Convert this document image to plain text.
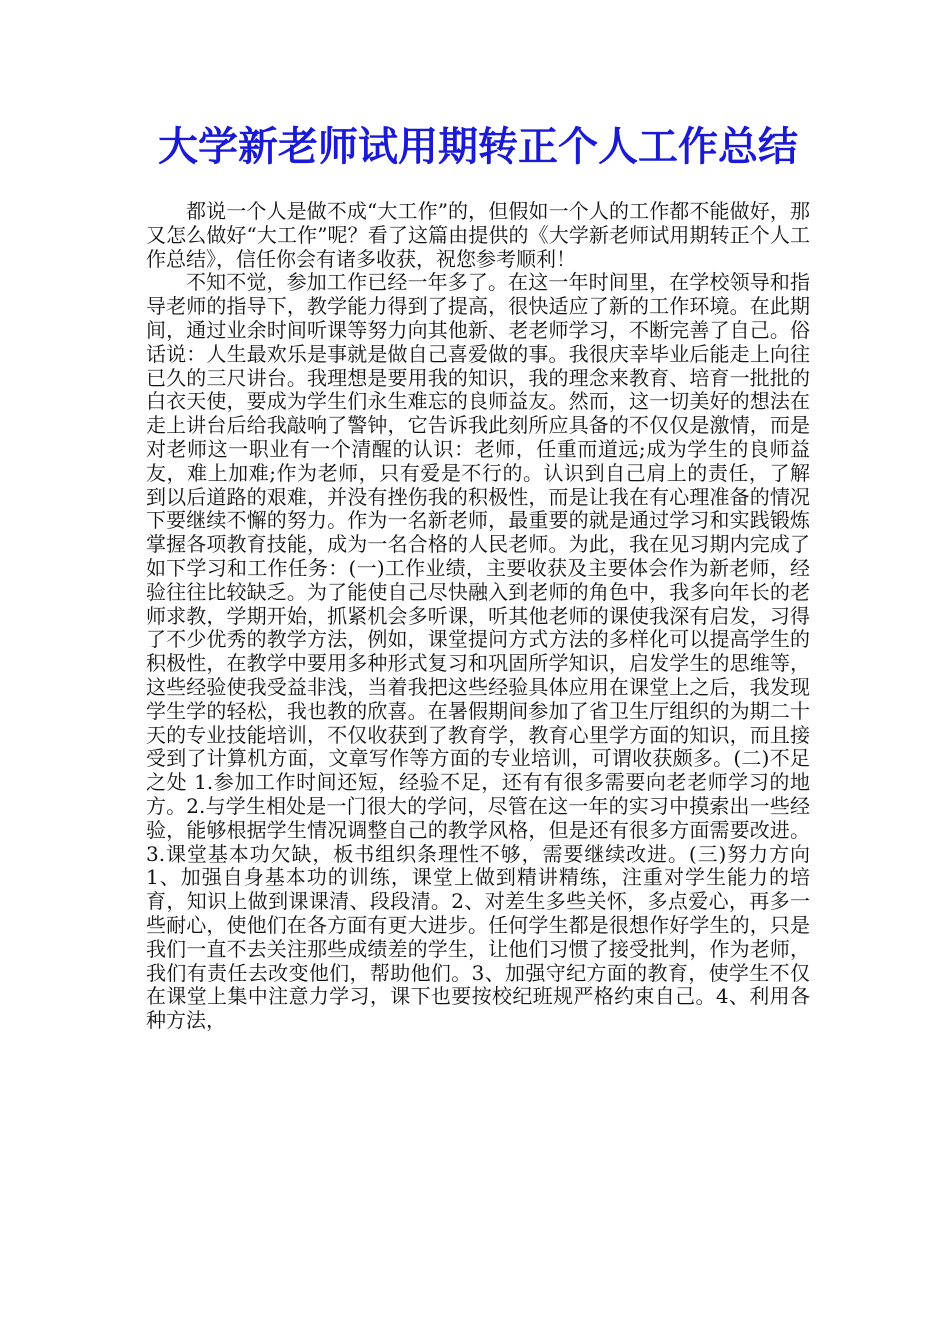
大学新老师试用期转正个人工作总结

都说一个人是做不成“大工作”的，但假如一个人的工作都不能做好，那又怎么做好“大工作”呢？看了这篇由提供的《大学新老师试用期转正个人工作总结》，信任你会有诸多收获，祝您参考顺利！

不知不觉，参加工作已经一年多了。在这一年时间里，在学校领导和指导老师的指导下，教学能力得到了提高，很快适应了新的工作环境。在此期间，通过业余时间听课等努力向其他新、老老师学习，不断完善了自己。俗话说：人生最欢乐是事就是做自己喜爱做的事。我很庆幸毕业后能走上向往已久的三尺讲台。我理想是要用我的知识，我的理念来教育、培育一批批的白衣天使，要成为学生们永生难忘的良师益友。然而，这一切美好的想法在走上讲台后给我敲响了警钟，它告诉我此刻所应具备的不仅仅是激情，而是对老师这一职业有一个清醒的认识：老师，任重而道远;成为学生的良师益友，难上加难;作为老师，只有爱是不行的。认识到自己肩上的责任，了解到以后道路的艰难，并没有挫伤我的积极性，而是让我在有心理准备的情况下要继续不懈的努力。作为一名新老师，最重要的就是通过学习和实践锻炼掌握各项教育技能，成为一名合格的人民老师。为此，我在见习期内完成了如下学习和工作任务：(一)工作业绩，主要收获及主要体会作为新老师，经验往往比较缺乏。为了能使自己尽快融入到老师的角色中，我多向年长的老师求教，学期开始，抓紧机会多听课，听其他老师的课使我深有启发，习得了不少优秀的教学方法，例如，课堂提问方式方法的多样化可以提高学生的积极性，在教学中要用多种形式复习和巩固所学知识，启发学生的思维等，这些经验使我受益非浅，当着我把这些经验具体应用在课堂上之后，我发现学生学的轻松，我也教的欣喜。在暑假期间参加了省卫生厅组织的为期二十天的专业技能培训，不仅收获到了教育学，教育心里学方面的知识，而且接受到了计算机方面，文章写作等方面的专业培训，可谓收获颇多。(二)不足之处 1.参加工作时间还短，经验不足，还有有很多需要向老老师学习的地方。2.与学生相处是一门很大的学问，尽管在这一年的实习中摸索出一些经验，能够根据学生情况调整自己的教学风格，但是还有很多方面需要改进。3.课堂基本功欠缺，板书组织条理性不够，需要继续改进。(三)努力方向 1、加强自身基本功的训练，课堂上做到精讲精练，注重对学生能力的培育，知识上做到课课清、段段清。2、对差生多些关怀，多点爱心，再多一些耐心，使他们在各方面有更大进步。任何学生都是很想作好学生的，只是我们一直不去关注那些成绩差的学生，让他们习惯了接受批判，作为老师，我们有责任去改变他们，帮助他们。3、加强守纪方面的教育，使学生不仅在课堂上集中注意力学习，课下也要按校纪班规严格约束自己。4、利用各种方法，
